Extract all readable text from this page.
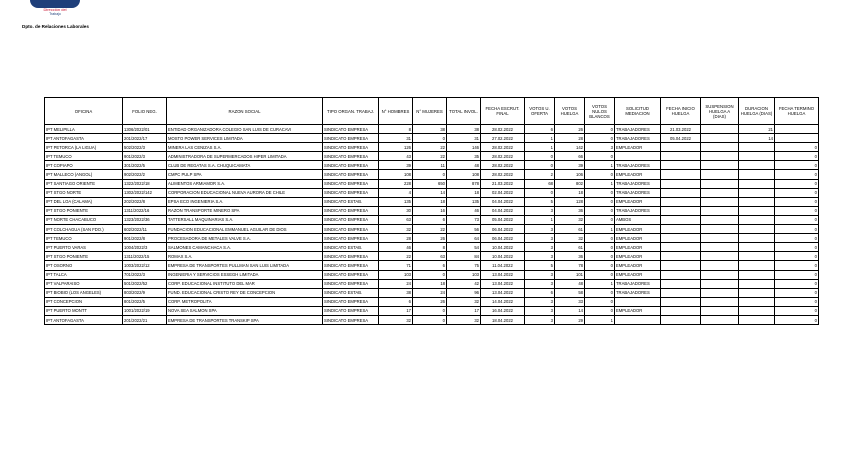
Dirección del
Trabajo
Dpto. de Relaciones Laborales
OFICINA	FOLIO NEG.	RAZON SOCIAL	TIPO ORGAN. TRABAJ.	N° HOMBRES	N° MUJERES	TOTAL INVOL.	FECHA ESCRUT. FINAL	VOTOS U. OFERTA	VOTOS HUELGA	VOTOS NULOS BLANCOS	SOLICITUD MEDIACION	FECHA INICIO HUELGA	SUSPENSION HUELGA A (DIAS)	DURACION HUELGA (DIAS)	FECHA TERMINO HUELGA
IPT MELIPILLA	1306/2022/01	ENTIDAD ORGANIZADORA COLEGIO SAN LUIS DE CURACAVI	SINDICATO EMPRESA	8	38	38	28.02.2022	6	26	0	TRABAJADORES	21.03.2022		21	
IPT ANTOFAGASTA	201/2022/17	MOSTO POWER SERVICES LIMITADA	SINDICATO EMPRESA	31	0	31	27.02.2022	1	28	0	TRABAJADORES	05.04.2022		14	
IPT PETORCA (LA LIGUA)	502/2022/3	MINERA LAS CENIZAS S.A.	SINDICATO EMPRESA	126	22	146	28.02.2022	1	142	3	EMPLEADOR				0
IPT TEMUCO	901/2022/3	ADMINISTRADORA DE SUPERMERCADOS HIPER LIMITADA	SINDICATO EMPRESA	43	22	35	28.02.2022	0	66	0					0
IPT COPIAPO	301/2022/5	CLUB DE REGATAS S.A. CHUQUICAMATA	SINDICATO EMPRESA	39	11	48	28.02.2022	0	39	1	TRABAJADORES				0
IPT MALLECO (ANGOL)	902/2022/2	CMPC PULP SPA	SINDICATO EMPRESA	108	0	108	28.02.2022	2	106	0	EMPLEADOR				0
IPT SANTIAGO ORIENTE	1322/2022/18	ALIMENTOS ARMIAMOR S.A.	SINDICATO EMPRESA	228	650	878	21.03.2022	68	802	1	TRABAJADORES				0
IPT STGO NORTE	1302/2022/142	CORPORACION EDUCACIONAL NUEVA AURORA DE CHILE	SINDICATO EMPRESA	4	14	18	02.04.2022	0	18	0	TRABAJADORES				0
IPT DEL LOA (CALAMA)	202/2022/8	EPSA ECO INGENIERIA S.A.	SINDICATO ESTAB.	135	18	135	04.04.2022	5	128	0	EMPLEADOR				0
IPT STGO PONIENTE	1311/2022/16	RAZON TRANSPORTE MINERO SPA	SINDICATO EMPRESA	30	16	46	04.04.2022	3	36	0	TRABAJADORES				0
IPT NORTE CHACABUCO	1323/2022/36	TATTERSALL MAQUINARIAS S.A.	SINDICATO EMPRESA	63	6	73	05.04.2022	1	32	0	AMBOS				0
IPT COLCHAGUA (SAN FDO.)	602/2022/11	FUNDACION EDUCACIONAL EMMANUEL AGUILAR DE DIOS	SINDICATO EMPRESA	32	22	56	06.04.2022	3	61	1	EMPLEADOR				0
IPT TEMUCO	901/2022/8	PROCESADORA DE METALES VALVE S.A.	SINDICATO EMPRESA	28	26	64	06.04.2022	3	32	0	EMPLEADOR				0
IPT PUERTO VARAS	1004/2022/3	SALMONES CAMANCHACA S.A.	SINDICATO ESTAB.	46	8	54	10.04.2022	3	61	0	EMPLEADOR				0
IPT STGO PONIENTE	1311/2022/15	ROMAX S.A.	SINDICATO EMPRESA	22	63	84	10.04.2022	3	36	0	EMPLEADOR				0
IPT OSORNO	1003/2022/12	EMPRESA DE TRANSPORTES PULLMAN SAN LUIS LIMITADA	SINDICATO EMPRESA	71	6	75	11.04.2022	5	78	0	EMPLEADOR				0
IPT TALCA	701/2022/3	INGENIERIA Y SERVICIOS ESSEGH LIMITADA	SINDICATO EMPRESA	103	0	103	13.04.2022	3	101	0	EMPLEADOR				0
IPT VALPARAISO	501/2022/52	CORP. EDUCACIONAL INSTITUTO DEL MAR	SINDICATO EMPRESA	24	18	42	13.04.2022	3	48	1	TRABAJADORES				0
IPT BIOBIO (LOS ANGELES)	803/2022/9	FUND. EDUCACIONAL CRISTO REY DE CONCEPCION	SINDICATO ESTAB.	38	24	96	13.04.2022	6	58	0	TRABAJADORES				0
IPT CONCEPCION	801/2022/5	CORP. METROPOLITA	SINDICATO EMPRESA	6	26	32	14.04.2022	3	33	0					0
IPT PUERTO MONTT	1001/2022/19	NOVA SEA SALMON SPA	SINDICATO EMPRESA	17	0	17	16.04.2022	3	14	0	EMPLEADOR				0
IPT ANTOFAGASTA	201/2022/21	EMPRESA DE TRANSPORTES TRANSKIP SPA	SINDICATO EMPRESA	32	0	32	18.04.2022	3	29	1					0
